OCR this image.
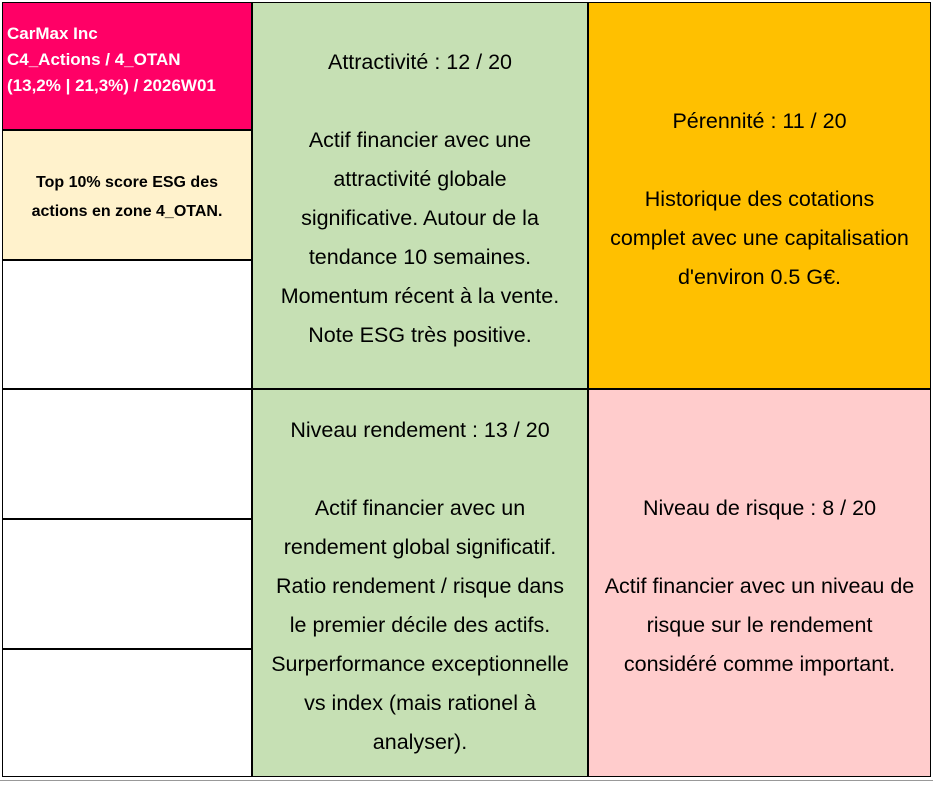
CarMax Inc
C4_Actions / 4_OTAN
(13,2% | 21,3%) / 2026W01
Top 10% score ESG des
actions en zone 4_OTAN.
Attractivité : 12 / 20
Actif financier avec une
attractivité globale
significative. Autour de la
tendance 10 semaines.
Momentum récent à la vente.
Note ESG très positive.
Pérennité : 11 / 20
Historique des cotations
complet avec une capitalisation
d'environ 0.5 G€.
Niveau rendement : 13 / 20
Actif financier avec un
rendement global significatif.
Ratio rendement / risque dans
le premier décile des actifs.
Surperformance exceptionnelle
vs index (mais rationel à
analyser).
Niveau de risque : 8 / 20
Actif financier avec un niveau de
risque sur le rendement
considéré comme important.
